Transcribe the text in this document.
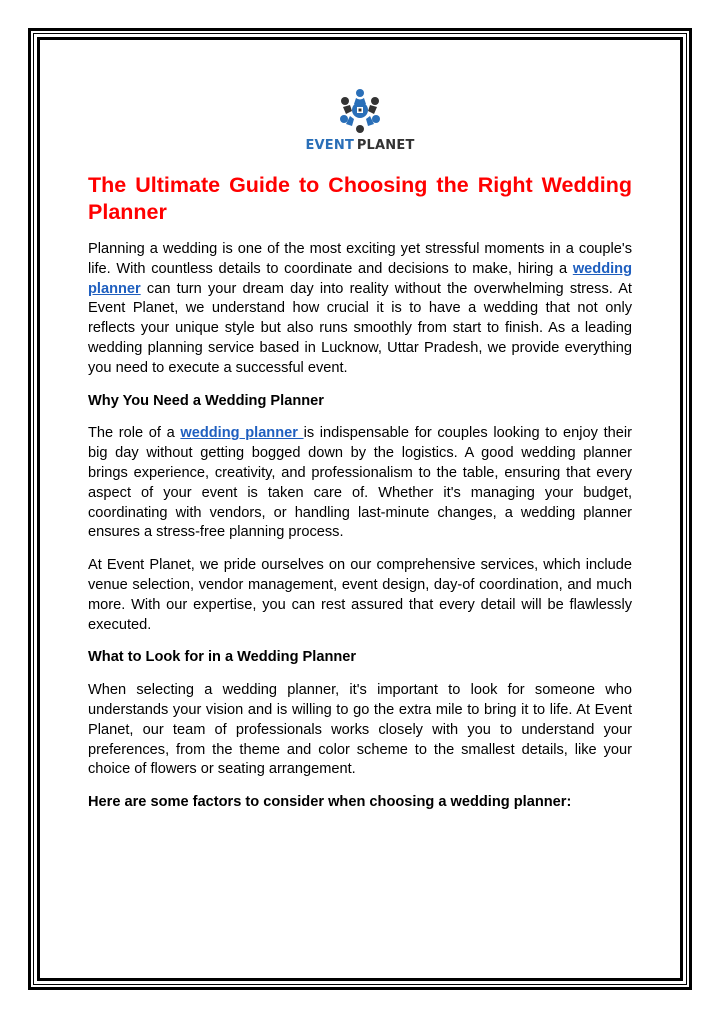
EVENT  PLANET
The Ultimate Guide to Choosing the Right Wedding Planner

Planning a wedding is one of the most exciting yet stressful moments in a couple's life. With countless details to coordinate and decisions to make, hiring a wedding planner can turn your dream day into reality without the overwhelming stress. At Event Planet, we understand how crucial it is to have a wedding that not only reflects your unique style but also runs smoothly from start to finish. As a leading wedding planning service based in Lucknow, Uttar Pradesh, we provide everything you need to execute a successful event.

Why You Need a Wedding Planner

The role of a wedding planner is indispensable for couples looking to enjoy their big day without getting bogged down by the logistics. A good wedding planner brings experience, creativity, and professionalism to the table, ensuring that every aspect of your event is taken care of. Whether it's managing your budget, coordinating with vendors, or handling last-minute changes, a wedding planner ensures a stress-free planning process.

At Event Planet, we pride ourselves on our comprehensive services, which include venue selection, vendor management, event design, day-of coordination, and much more. With our expertise, you can rest assured that every detail will be flawlessly executed.

What to Look for in a Wedding Planner

When selecting a wedding planner, it's important to look for someone who understands your vision and is willing to go the extra mile to bring it to life. At Event Planet, our team of professionals works closely with you to understand your preferences, from the theme and color scheme to the smallest details, like your choice of flowers or seating arrangement.

Here are some factors to consider when choosing a wedding planner:
